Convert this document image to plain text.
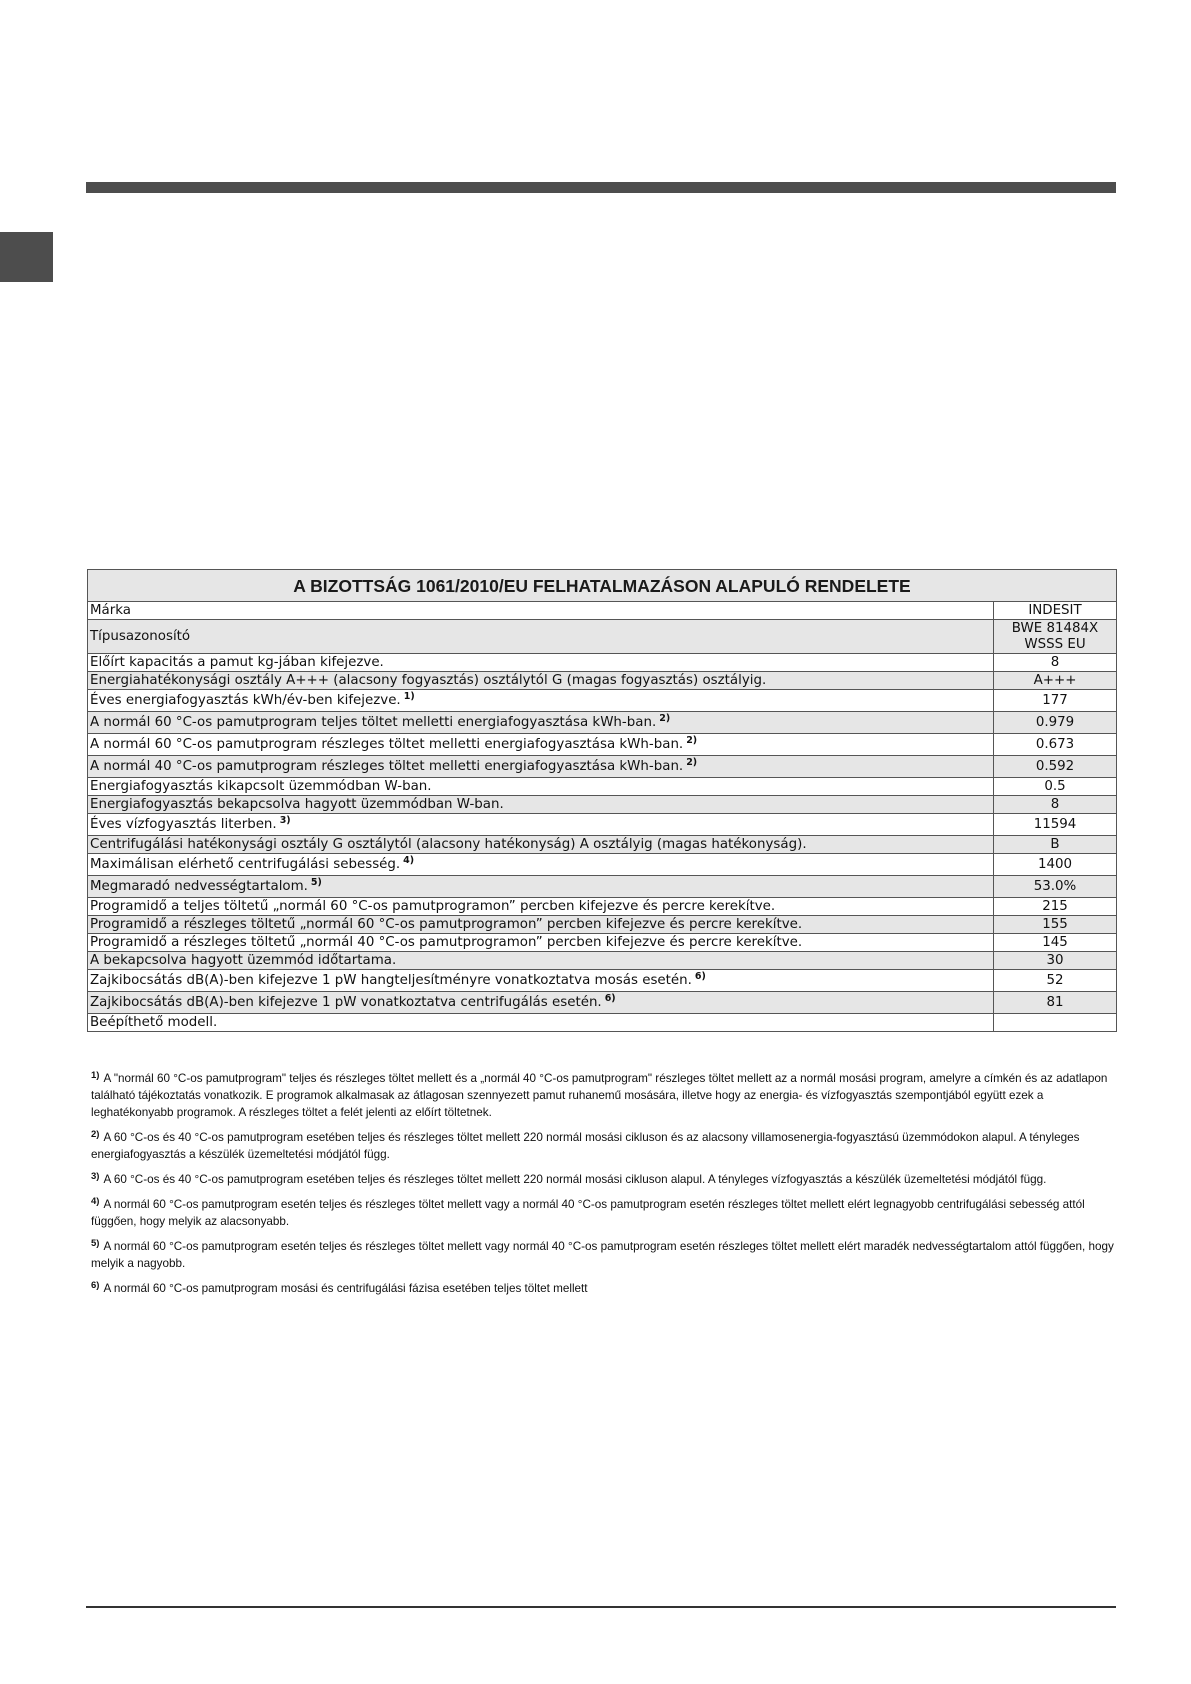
A BIZOTTSÁG 1061/2010/EU FELHATALMAZÁSON ALAPULÓ RENDELETE	
Márka	INDESIT
Típusazonosító	BWE 81484X
WSSS EU

Előírt kapacitás a pamut kg-jában kifejezve.	8
Energiahatékonysági osztály A+++ (alacsony fogyasztás) osztálytól G (magas fogyasztás) osztályig.	A+++
Éves energiafogyasztás kWh/év-ben kifejezve. $^{1)}$	177
A normál 60 °C-os pamutprogram teljes töltet melletti energiafogyasztása kWh-ban. $^{2)}$	0.979
A normál 60 °C-os pamutprogram részleges töltet melletti energiafogyasztása kWh-ban. $^{2)}$	0.673
A normál 40 °C-os pamutprogram részleges töltet melletti energiafogyasztása kWh-ban. $^{2)}$	0.592
Energiafogyasztás kikapcsolt üzemmódban W-ban.	0.5
Energiafogyasztás bekapcsolva hagyott üzemmódban W-ban.	8
Éves vízfogyasztás literben. $^{3)}$	11594
Centrifugálási hatékonysági osztály G osztálytól (alacsony hatékonyság) A osztályig (magas hatékonyság).	B
Maximálisan elérhető centrifugálási sebesség. $^{4)}$	1400
Megmaradó nedvességtartalom. $^{5)}$	53.0%
Programidő a teljes töltetű „normál 60 °C-os pamutprogramon” percben kifejezve és percre kerekítve.	215
Programidő a részleges töltetű „normál 60 °C-os pamutprogramon” percben kifejezve és percre kerekítve.	155
Programidő a részleges töltetű „normál 40 °C-os pamutprogramon” percben kifejezve és percre kerekítve.	145
A bekapcsolva hagyott üzemmód időtartama.	30
Zajkibocsátás dB(A)-ben kifejezve 1 pW hangteljesítményre vonatkoztatva mosás esetén. $^{6)}$	52
Zajkibocsátás dB(A)-ben kifejezve 1 pW vonatkoztatva centrifugálás esetén. $^{6)}$	81
Beépíthető modell.	

$^{1)}$ A "normál 60 °C-os pamutprogram" teljes és részleges töltet mellett és a „normál 40 °C-os pamutprogram" részleges töltet mellett az a normál mosási program, amelyre a címkén és az adatlapon található tájékoztatás vonatkozik. E programok alkalmasak az átlagosan szennyezett pamut ruhanemű mosására, illetve hogy az energia- és vízfogyasztás szempontjából együtt ezek a leghatékonyabb programok. A részleges töltet a felét jelenti az előírt töltetnek.

$^{2)}$ A 60 °C-os és 40 °C-os pamutprogram esetében teljes és részleges töltet mellett 220 normál mosási cikluson és az alacsony villamosenergia-fogyasztású üzemmódokon alapul. A tényleges energiafogyasztás a készülék üzemeltetési módjától függ.

$^{3)}$ A 60 °C-os és 40 °C-os pamutprogram esetében teljes és részleges töltet mellett 220 normál mosási cikluson alapul. A tényleges vízfogyasztás a készülék üzemeltetési módjától függ.

$^{4)}$ A normál 60 °C-os pamutprogram esetén teljes és részleges töltet mellett vagy a normál 40 °C-os pamutprogram esetén részleges töltet mellett elért legnagyobb centrifugálási sebesség attól függően, hogy melyik az alacsonyabb.

$^{5)}$ A normál 60 °C-os pamutprogram esetén teljes és részleges töltet mellett vagy normál 40 °C-os pamutprogram esetén részleges töltet mellett elért maradék nedvességtartalom attól függően, hogy melyik a nagyobb.

$^{6)}$ A normál 60 °C-os pamutprogram mosási és centrifugálási fázisa esetében teljes töltet mellett
